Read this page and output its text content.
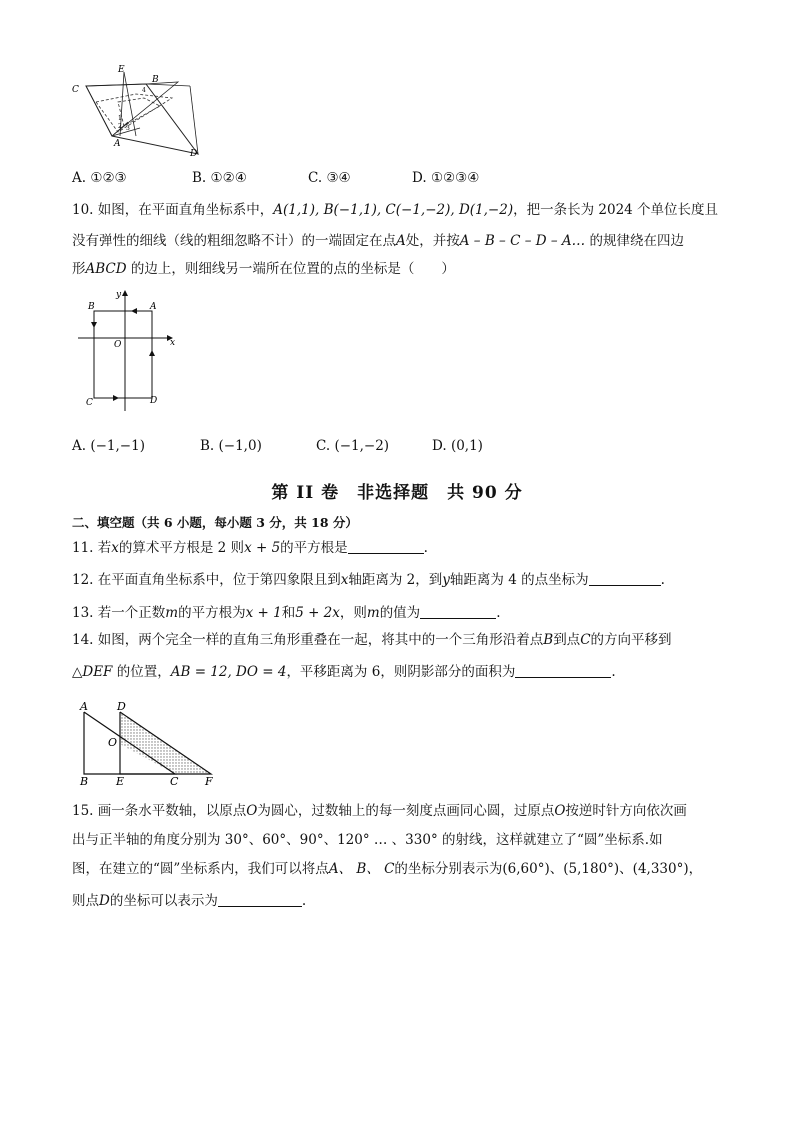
E
B
C
A
D
1
2 3
4
A. ①②③	B. ①②④	C. ③④	D. ①②③④
10. 如图，在平面直角坐标系中，A(1,1), B(−1,1), C(−1,−2), D(1,−2)，把一条长为 2024 个单位长度且
没有弹性的细线（线的粗细忽略不计）的一端固定在点A处，并按A – B – C – D – A… 的规律绕在四边
形ABCD 的边上，则细线另一端所在位置的点的坐标是（　　）
B	A
C	D
O	x
y
A. (−1,−1)	B. (−1,0)	C. (−1,−2)	D. (0,1)
第 II 卷　非选择题　共 90 分
二、填空题（共 6 小题，每小题 3 分，共 18 分）
11. 若x的算术平方根是 2 则x + 5的平方根是	.
12. 在平面直角坐标系中，位于第四象限且到x轴距离为 2，到y轴距离为 4 的点坐标为	.
13. 若一个正数m的平方根为x + 1和5 + 2x，则m的值为	.
14. 如图，两个完全一样的直角三角形重叠在一起，将其中的一个三角形沿着点B到点C的方向平移到
△DEF 的位置，AB = 12, DO = 4，平移距离为 6，则阴影部分的面积为	.
A	D
O
B	E	C F
15. 画一条水平数轴，以原点O为圆心，过数轴上的每一刻度点画同心圆，过原点O按逆时针方向依次画
出与正半轴的角度分别为 30°、60°、90°、120° … 、330° 的射线，这样就建立了“圆”坐标系.如
图，在建立的“圆”坐标系内，我们可以将点A、 B、 C的坐标分别表示为(6,60°)、(5,180°)、(4,330°)，
则点D的坐标可以表示为	.
